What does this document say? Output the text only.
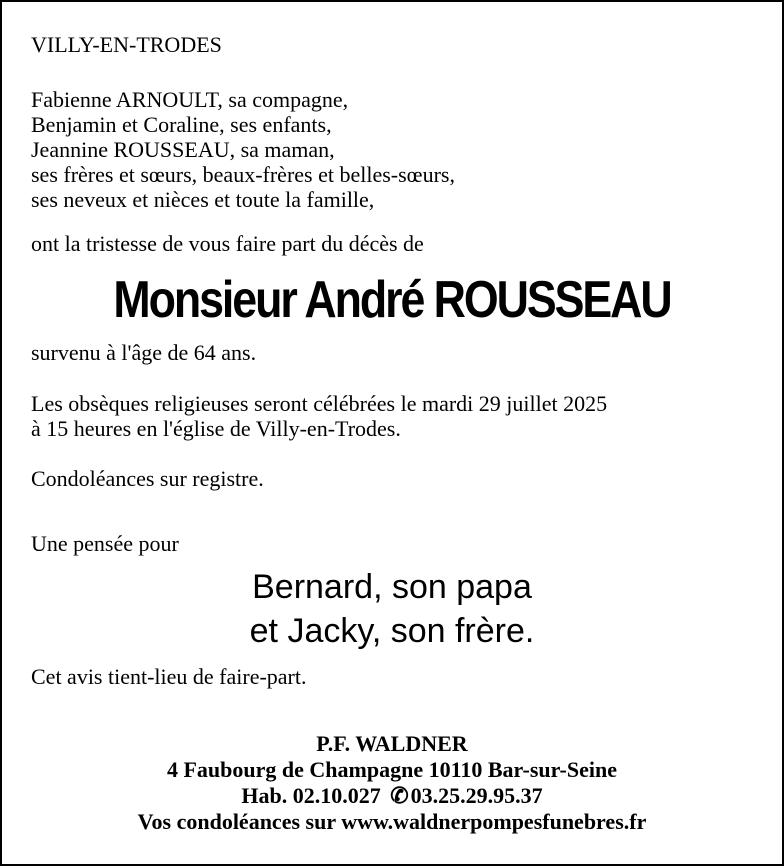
VILLY-EN-TRODES
Fabienne ARNOULT, sa compagne,
Benjamin et Coraline, ses enfants,
Jeannine ROUSSEAU, sa maman,
ses frères et sœurs, beaux-frères et belles-sœurs,
ses neveux et nièces et toute la famille,
ont la tristesse de vous faire part du décès de
Monsieur André ROUSSEAU
survenu à l'âge de 64 ans.
Les obsèques religieuses seront célébrées le mardi 29 juillet 2025
à 15 heures en l'église de Villy-en-Trodes.
Condoléances sur registre.
Une pensée pour
Bernard, son papa
et Jacky, son frère.
Cet avis tient-lieu de faire-part.
P.F. WALDNER
4 Faubourg de Champagne 10110 Bar-sur-Seine
Hab. 02.10.027 ✆03.25.29.95.37
Vos condoléances sur www.waldnerpompesfunebres.fr
